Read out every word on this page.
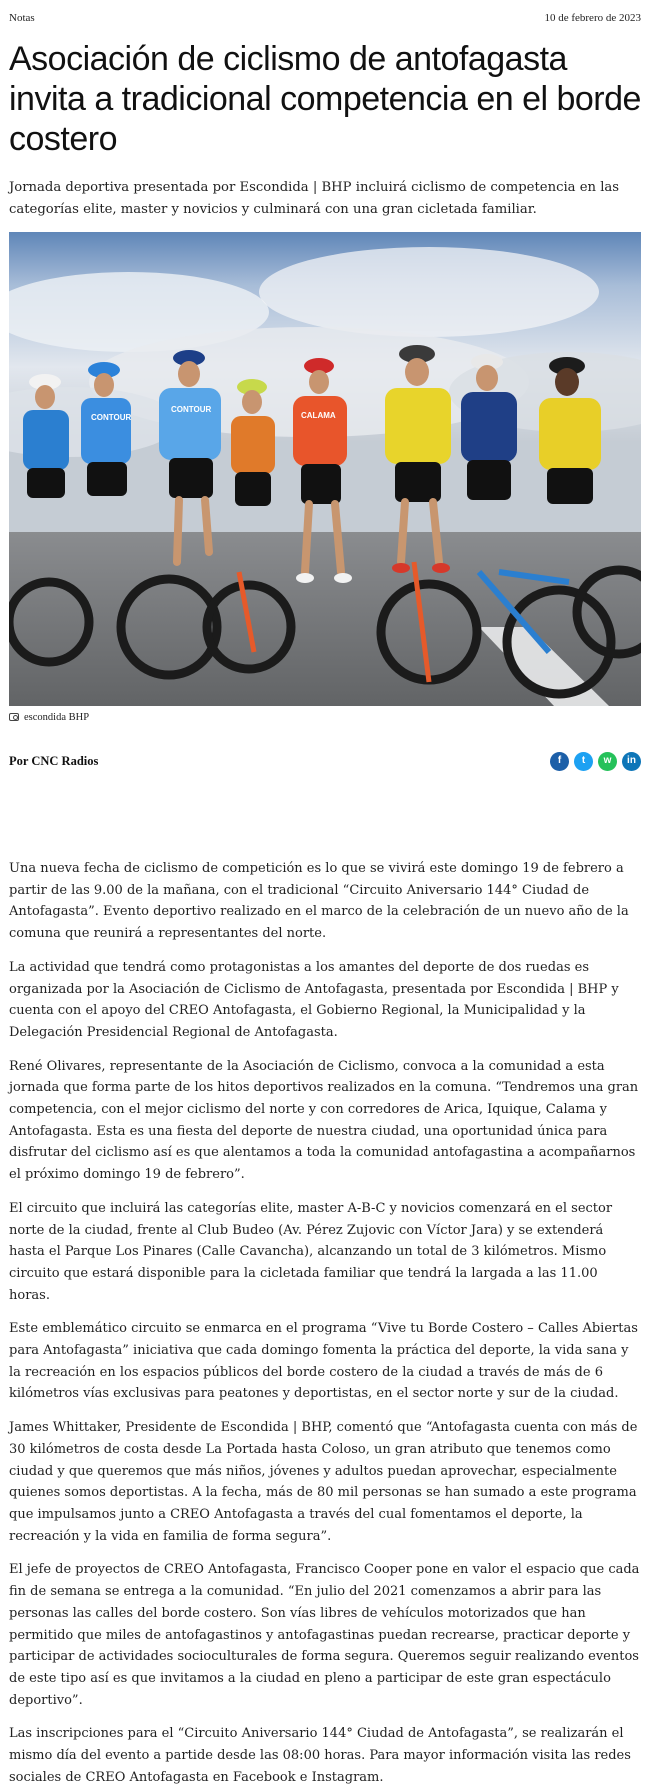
Notas	10 de febrero de 2023
Asociación de ciclismo de antofagasta invita a tradicional competencia en el borde costero

Jornada deportiva presentada por Escondida | BHP incluirá ciclismo de competencia en las categorías elite, master y novicios y culminará con una gran cicletada familiar.

CONTOUR
CONTOUR
CALAMA
escondida BHP
Por CNC Radios	f	t	w	in

Una nueva fecha de ciclismo de competición es lo que se vivirá este domingo 19 de febrero a partir de las 9.00 de la mañana, con el tradicional “Circuito Aniversario 144° Ciudad de Antofagasta”. Evento deportivo realizado en el marco de la celebración de un nuevo año de la comuna que reunirá a representantes del norte.

La actividad que tendrá como protagonistas a los amantes del deporte de dos ruedas es organizada por la Asociación de Ciclismo de Antofagasta, presentada por Escondida | BHP y cuenta con el apoyo del CREO Antofagasta, el Gobierno Regional, la Municipalidad y la Delegación Presidencial Regional de Antofagasta.

René Olivares, representante de la Asociación de Ciclismo, convoca a la comunidad a esta jornada que forma parte de los hitos deportivos realizados en la comuna. “Tendremos una gran competencia, con el mejor ciclismo del norte y con corredores de Arica, Iquique, Calama y Antofagasta. Esta es una fiesta del deporte de nuestra ciudad, una oportunidad única para disfrutar del ciclismo así es que alentamos a toda la comunidad antofagastina a acompañarnos el próximo domingo 19 de febrero”.

El circuito que incluirá las categorías elite, master A-B-C y novicios comenzará en el sector norte de la ciudad, frente al Club Budeo (Av. Pérez Zujovic con Víctor Jara) y se extenderá hasta el Parque Los Pinares (Calle Cavancha), alcanzando un total de 3 kilómetros. Mismo circuito que estará disponible para la cicletada familiar que tendrá la largada a las 11.00 horas.

Este emblemático circuito se enmarca en el programa “Vive tu Borde Costero – Calles Abiertas para Antofagasta” iniciativa que cada domingo fomenta la práctica del deporte, la vida sana y la recreación en los espacios públicos del borde costero de la ciudad a través de más de 6 kilómetros vías exclusivas para peatones y deportistas, en el sector norte y sur de la ciudad.

James Whittaker, Presidente de Escondida | BHP, comentó que “Antofagasta cuenta con más de 30 kilómetros de costa desde La Portada hasta Coloso, un gran atributo que tenemos como ciudad y que queremos que más niños, jóvenes y adultos puedan aprovechar, especialmente quienes somos deportistas. A la fecha, más de 80 mil personas se han sumado a este programa que impulsamos junto a CREO Antofagasta a través del cual fomentamos el deporte, la recreación y la vida en familia de forma segura”.

El jefe de proyectos de CREO Antofagasta, Francisco Cooper pone en valor el espacio que cada fin de semana se entrega a la comunidad. “En julio del 2021 comenzamos a abrir para las personas las calles del borde costero. Son vías libres de vehículos motorizados que han permitido que miles de antofagastinos y antofagastinas puedan recrearse, practicar deporte y participar de actividades socioculturales de forma segura. Queremos seguir realizando eventos de este tipo así es que invitamos a la ciudad en pleno a participar de este gran espectáculo deportivo”.

Las inscripciones para el “Circuito Aniversario 144° Ciudad de Antofagasta”, se realizarán el mismo día del evento a partide desde las 08:00 horas. Para mayor información visita las redes sociales de CREO Antofagasta en Facebook e Instagram.
